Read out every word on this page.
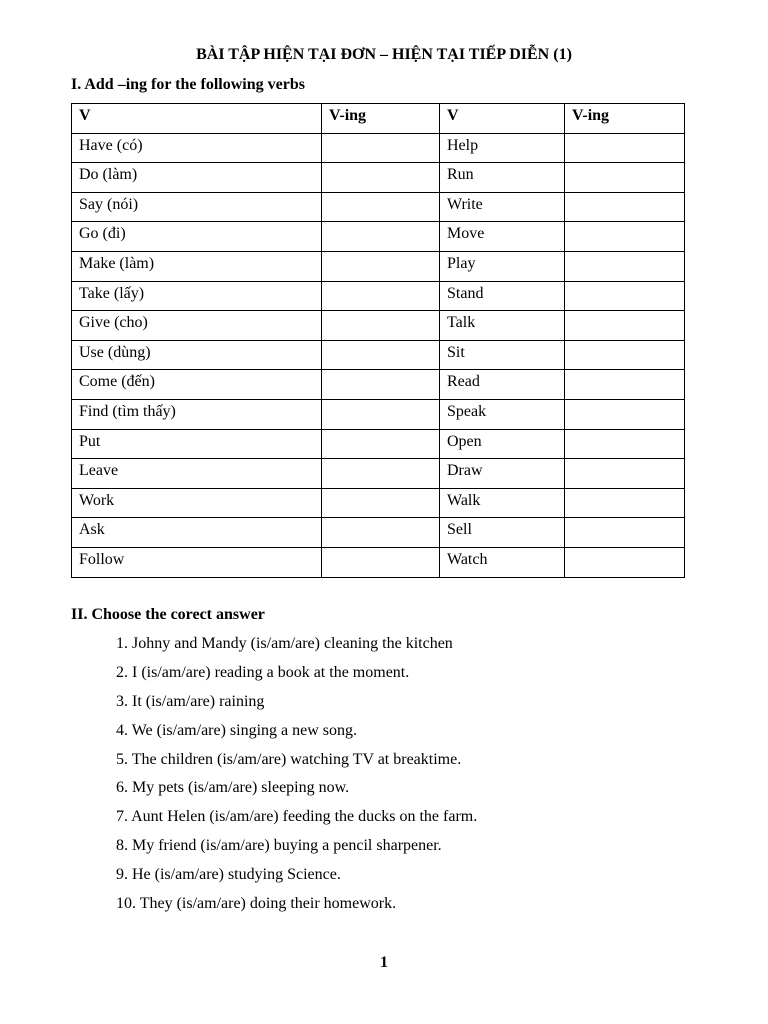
BÀI TẬP HIỆN TẠI ĐƠN – HIỆN TẠI TIẾP DIỄN (1)
I. Add –ing for the following verbs
V	V-ing	V	V-ing
Have (có)		Help	
Do (làm)		Run	
Say (nói)		Write	
Go (đi)		Move	
Make (làm)		Play	
Take (lấy)		Stand	
Give (cho)		Talk	
Use (dùng)		Sit	
Come (đến)		Read	
Find (tìm thấy)		Speak	
Put		Open	
Leave		Draw	
Work		Walk	
Ask		Sell	
Follow		Watch	
II. Choose the corect answer
1. Johny and Mandy (is/am/are) cleaning the kitchen
2. I (is/am/are) reading a book at the moment.
3. It (is/am/are) raining
4. We (is/am/are) singing a new song.
5. The children (is/am/are) watching TV at breaktime.
6. My pets (is/am/are) sleeping now.
7. Aunt Helen (is/am/are) feeding the ducks on the farm.
8. My friend (is/am/are) buying a pencil sharpener.
9. He (is/am/are) studying Science.
10. They (is/am/are) doing their homework.
1
